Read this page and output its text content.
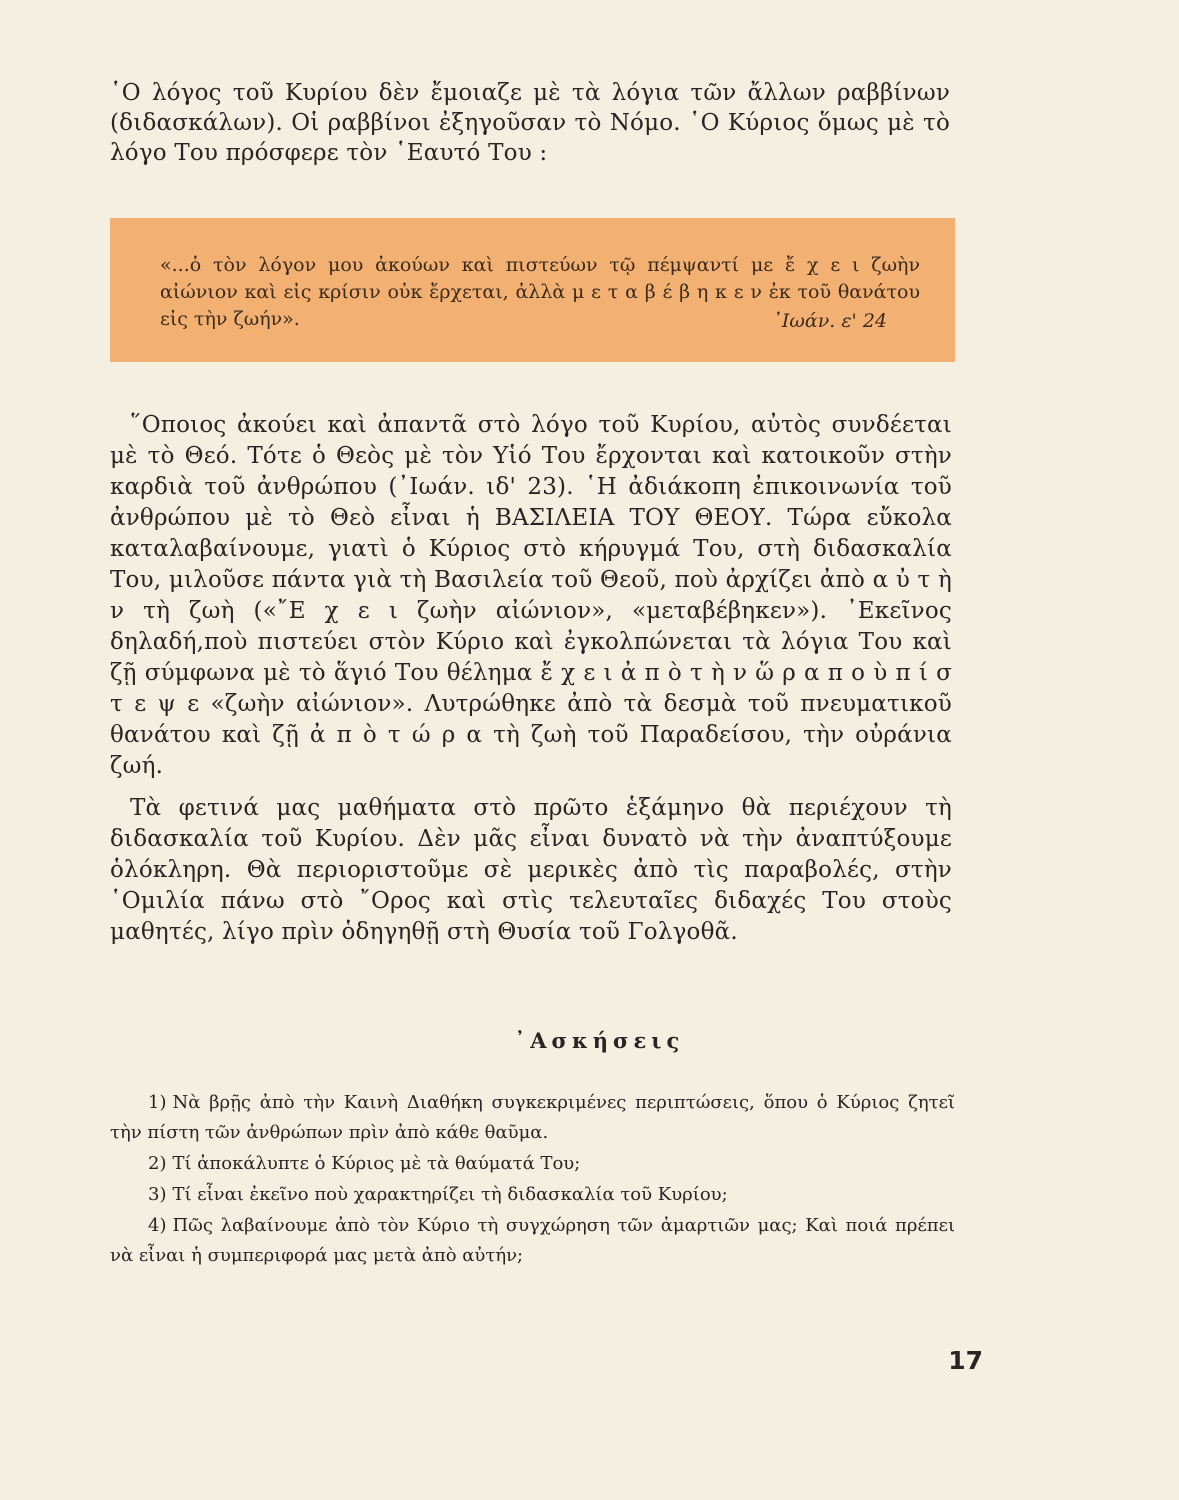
῾Ο λόγος τοῦ Κυρίου δὲν ἔμοιαζε μὲ τὰ λόγια τῶν ἄλλων ραββίνων (διδασκάλων). Οἱ ραββίνοι ἐξηγοῦσαν τὸ Νόμο. ῾Ο Κύριος ὅμως μὲ τὸ λόγο Του πρόσφερε τὸν ῾Εαυτό Του :

«...ὁ τὸν λόγον μου ἀκούων καὶ πιστεύων τῷ πέμψαντί με ἔ χ ε ι ζωὴν αἰώνιον καὶ εἰς κρίσιν οὐκ ἔρχεται, ἀλλὰ μ ε τ α β έ β η κ ε ν ἐκ τοῦ θανάτου εἰς τὴν ζωήν».	᾿Ιωάν. ε' 24

῞Οποιος ἀκούει καὶ ἀπαντᾶ στὸ λόγο τοῦ Κυρίου, αὐτὸς συνδέεται μὲ τὸ Θεό. Τότε ὁ Θεὸς μὲ τὸν Υἱό Του ἔρχονται καὶ κατοικοῦν στὴν καρδιὰ τοῦ ἀνθρώπου (᾿Ιωάν. ιδ' 23). ῾Η ἀδιάκοπη ἐπικοινωνία τοῦ ἀνθρώπου μὲ τὸ Θεὸ εἶναι ἡ ΒΑΣΙΛΕΙΑ ΤΟΥ ΘΕΟΥ. Τώρα εὔκολα καταλαβαίνουμε, γιατὶ ὁ Κύριος στὸ κήρυγμά Του, στὴ διδασκαλία Του, μιλοῦσε πάντα γιὰ τὴ Βασιλεία τοῦ Θεοῦ, ποὺ ἀρχίζει ἀπὸ α ὐ τ ὴ ν τὴ ζωὴ («῎Ε χ ε ι ζωὴν αἰώνιον», «μεταβέβηκεν»). ᾿Εκεῖνος δηλαδή,ποὺ πιστεύει στὸν Κύριο καὶ ἐγκολπώνεται τὰ λόγια Του καὶ ζῇ σύμφωνα μὲ τὸ ἅγιό Του θέλημα ἔ χ ε ι ἀ π ὸ τ ὴ ν ὥ ρ α π ο ὺ π ί σ τ ε ψ ε «ζωὴν αἰώνιον». Λυτρώθηκε ἀπὸ τὰ δεσμὰ τοῦ πνευματικοῦ θανάτου καὶ ζῇ ἀ π ὸ τ ώ ρ α τὴ ζωὴ τοῦ Παραδείσου, τὴν οὐράνια ζωή.

Τὰ φετινά μας μαθήματα στὸ πρῶτο ἑξάμηνο θὰ περιέχουν τὴ διδασκαλία τοῦ Κυρίου. Δὲν μᾶς εἶναι δυνατὸ νὰ τὴν ἀναπτύξουμε ὁλόκληρη. Θὰ περιοριστοῦμε σὲ μερικὲς ἀπὸ τὶς παραβολές, στὴν ῾Ομιλία πάνω στὸ ῎Ορος καὶ στὶς τελευταῖες διδαχές Του στοὺς μαθητές, λίγο πρὶν ὁδηγηθῇ στὴ Θυσία τοῦ Γολγοθᾶ.

᾿Ασκήσεις
1) Νὰ βρῇς ἀπὸ τὴν Καινὴ Διαθήκη συγκεκριμένες περιπτώσεις, ὅπου ὁ Κύριος ζητεῖ τὴν πίστη τῶν ἀνθρώπων πρὶν ἀπὸ κάθε θαῦμα.
2) Τί ἀποκάλυπτε ὁ Κύριος μὲ τὰ θαύματά Του;
3) Τί εἶναι ἐκεῖνο ποὺ χαρακτηρίζει τὴ διδασκαλία τοῦ Κυρίου;
4) Πῶς λαβαίνουμε ἀπὸ τὸν Κύριο τὴ συγχώρηση τῶν ἁμαρτιῶν μας; Καὶ ποιά πρέπει νὰ εἶναι ἡ συμπεριφορά μας μετὰ ἀπὸ αὐτήν;
17
